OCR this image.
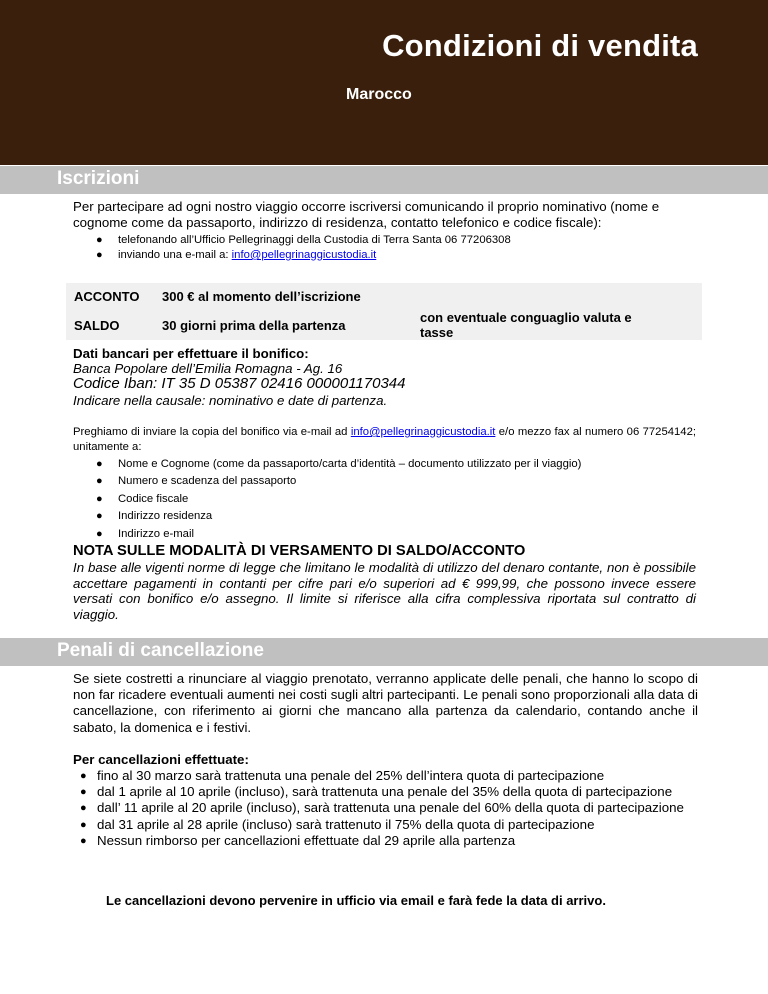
Condizioni di vendita
Marocco
Iscrizioni

Per partecipare ad ogni nostro viaggio occorre iscriversi comunicando il proprio nominativo (nome e cognome come da passaporto, indirizzo di residenza, contatto telefonico e codice fiscale):

● telefonando all’Ufficio Pellegrinaggi della Custodia di Terra Santa 06 77206308
● inviando una e-mail a: info@pellegrinaggicustodia.it
ACCONTO	300 € al momento dell’iscrizione	
SALDO	30 giorni prima della partenza	con eventuale conguaglio valuta e tasse
Dati bancari per effettuare il bonifico:
Banca Popolare dell’Emilia Romagna - Ag. 16
Codice Iban: IT 35 D 05387 02416 000001170344
Indicare nella causale: nominativo e date di partenza.

Preghiamo di inviare la copia del bonifico via e-mail ad info@pellegrinaggicustodia.it e/o mezzo fax al numero 06 77254142; unitamente a:

● Nome e Cognome (come da passaporto/carta d’identità – documento utilizzato per il viaggio)
● Numero e scadenza del passaporto
● Codice fiscale
● Indirizzo residenza
● Indirizzo e-mail
NOTA SULLE MODALITÀ DI VERSAMENTO DI SALDO/ACCONTO

In base alle vigenti norme di legge che limitano le modalità di utilizzo del denaro contante, non è possibile accettare pagamenti in contanti per cifre pari e/o superiori ad € 999,99, che possono invece essere versati con bonifico e/o assegno. Il limite si riferisce alla cifra complessiva riportata sul contratto di viaggio.

Penali di cancellazione

Se siete costretti a rinunciare al viaggio prenotato, verranno applicate delle penali, che hanno lo scopo di non far ricadere eventuali aumenti nei costi sugli altri partecipanti. Le penali sono proporzionali alla data di cancellazione, con riferimento ai giorni che mancano alla partenza da calendario, contando anche il sabato, la domenica e i festivi.

Per cancellazioni effettuate:
● fino al 30 marzo sarà trattenuta una penale del 25% dell’intera quota di partecipazione
● dal 1 aprile al 10 aprile (incluso), sarà trattenuta una penale del 35% della quota di partecipazione
● dall’ 11 aprile al 20 aprile (incluso), sarà trattenuta una penale del 60% della quota di partecipazione
● dal 31 aprile al 28 aprile (incluso) sarà trattenuto il 75% della quota di partecipazione
● Nessun rimborso per cancellazioni effettuate dal 29 aprile alla partenza
Le cancellazioni devono pervenire in ufficio via email e farà fede la data di arrivo.
